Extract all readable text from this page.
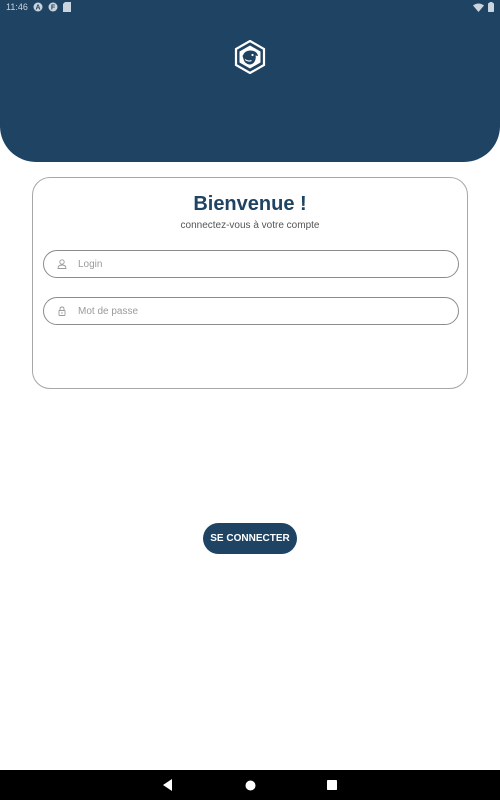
11:46 A F
Bienvenue !
connectez-vous à votre compte
Login
SE CONNECTER
